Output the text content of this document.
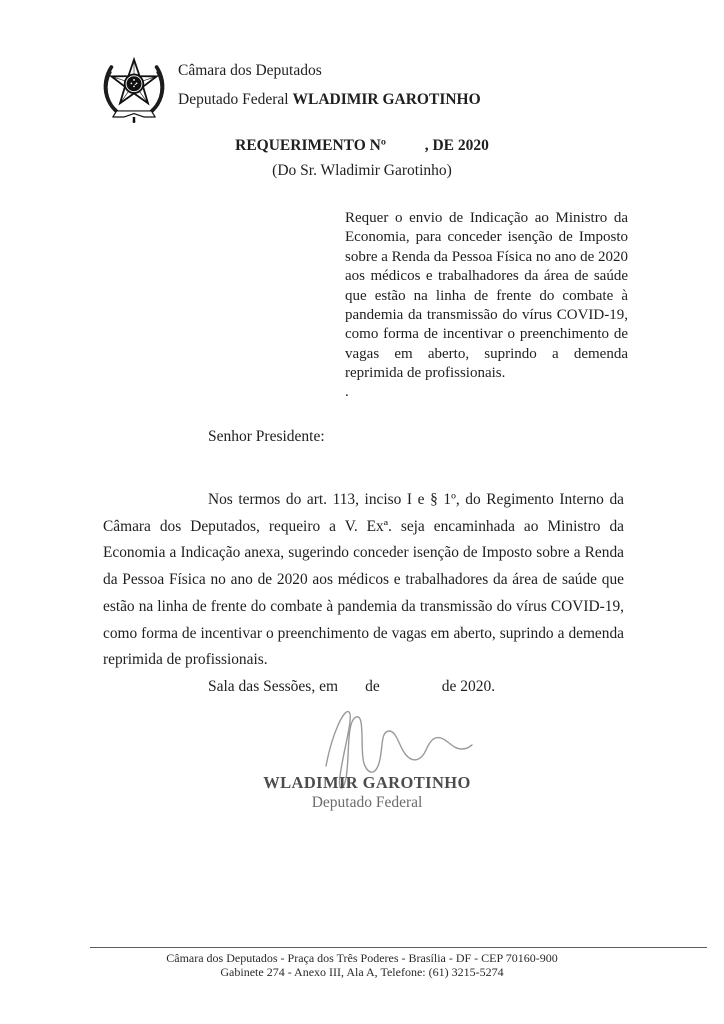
Câmara dos Deputados
Deputado Federal WLADIMIR GAROTINHO
REQUERIMENTO Nº          , DE 2020
(Do Sr. Wladimir Garotinho)
Requer o envio de Indicação ao Ministro da Economia, para conceder isenção de Imposto sobre a Renda da Pessoa Física no ano de 2020 aos médicos e trabalhadores da área de saúde que estão na linha de frente do combate à pandemia da transmissão do vírus COVID-19, como forma de incentivar o preenchimento de vagas em aberto, suprindo a demenda reprimida de profissionais.
.
Senhor Presidente:
Nos termos do art. 113, inciso I e § 1º, do Regimento Interno da Câmara dos Deputados, requeiro a V. Exª. seja encaminhada ao Ministro da Economia a Indicação anexa, sugerindo conceder isenção de Imposto sobre a Renda da Pessoa Física no ano de 2020 aos médicos e trabalhadores da área de saúde que estão na linha de frente do combate à pandemia da transmissão do vírus COVID-19, como forma de incentivar o preenchimento de vagas em aberto, suprindo a demenda reprimida de profissionais.
Sala das Sessões, em       de                de 2020.
WLADIMIR GAROTINHO
Deputado Federal
Câmara dos Deputados - Praça dos Três Poderes - Brasília - DF - CEP 70160-900
Gabinete 274 - Anexo III, Ala A, Telefone: (61) 3215-5274
